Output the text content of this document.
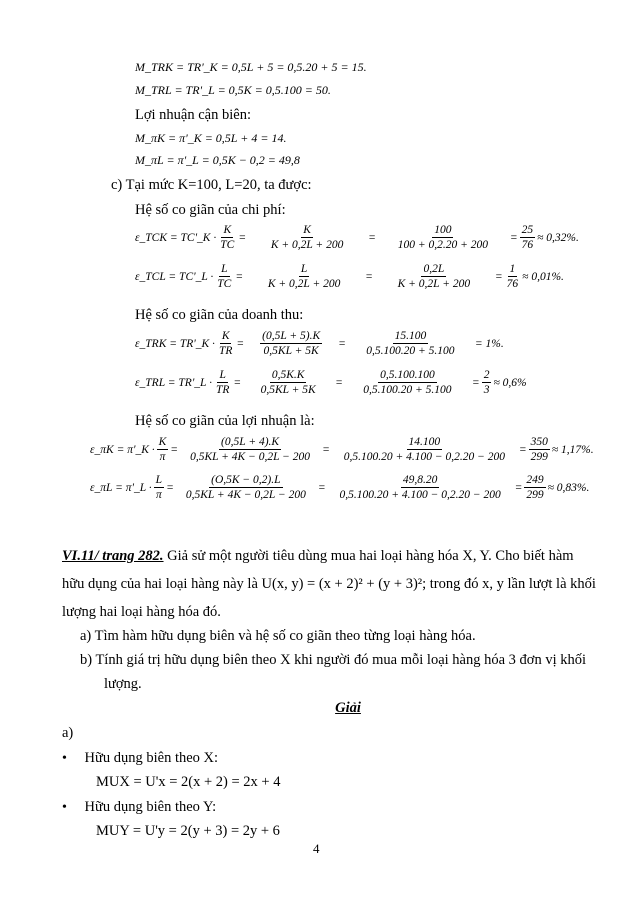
M_TRK = TR'_K = 0,5L + 5 = 0,5.20 + 5 = 15.
M_TRL = TR'_L = 0,5K = 0,5.100 = 50.
Lợi nhuận cận biên:
M_πK = π'_K = 0,5L + 4 = 14.
M_πL = π'_L = 0,5K − 0,2 = 49,8
c) Tại mức K=100, L=20, ta được:
Hệ số co giãn của chi phí:
ε_TCK = TC'_K · $\frac{K}{TC} = \frac{K}{K + 0,2L + 200} = \frac{100}{100 + 0,2.20 + 200} = \frac{25}{76} \approx 0,32\%$.
ε_TCL = TC'_L · $\frac{L}{TC} = \frac{L}{K + 0,2L + 200} = \frac{0,2L}{K + 0,2L + 200} = \frac{1}{76} \approx 0,01\%$.
Hệ số co giãn của doanh thu:
ε_TRK = TR'_K · $\frac{K}{TR} = \frac{(0,5L + 5).K}{0,5KL + 5K} = \frac{15.100}{0,5.100.20 + 5.100} = 1\%$.
ε_TRL = TR'_L · $\frac{L}{TR} = \frac{0,5K.K}{0,5KL + 5K} = \frac{0,5.100.100}{0,5.100.20 + 5.100} = \frac{2}{3} \approx 0,6\%$
Hệ số co giãn của lợi nhuận là:
ε_πK = π'_K · $\frac{K}{\pi} = \frac{(0,5L + 4).K}{0,5KL + 4K - 0,2L - 200} = \frac{14.100}{0,5.100.20 + 4.100 - 0,2.20 - 200} = \frac{350}{299} \approx 1,17\%$.
ε_πL = π'_L · $\frac{L}{\pi} = \frac{(O,5K - 0,2).L}{0,5KL + 4K - 0,2L - 200} = \frac{49,8.20}{0,5.100.20 + 4.100 - 0,2.20 - 200} = \frac{249}{299} \approx 0,83\%$.
VI.11/ trang 282. Giả sử một người tiêu dùng mua hai loại hàng hóa X, Y. Cho biết hàm
hữu dụng của hai loại hàng này là U(x, y) = (x + 2)² + (y + 3)²; trong đó x, y lần lượt là khối
lượng hai loại hàng hóa đó.
a) Tìm hàm hữu dụng biên và hệ số co giãn theo từng loại hàng hóa.
b) Tính giá trị hữu dụng biên theo X khi người đó mua mỗi loại hàng hóa 3 đơn vị khối
lượng.
Giải
a)
• Hữu dụng biên theo X:
MUX = U'x = 2(x + 2) = 2x + 4
• Hữu dụng biên theo Y:
MUY = U'y = 2(y + 3) = 2y + 6
4
